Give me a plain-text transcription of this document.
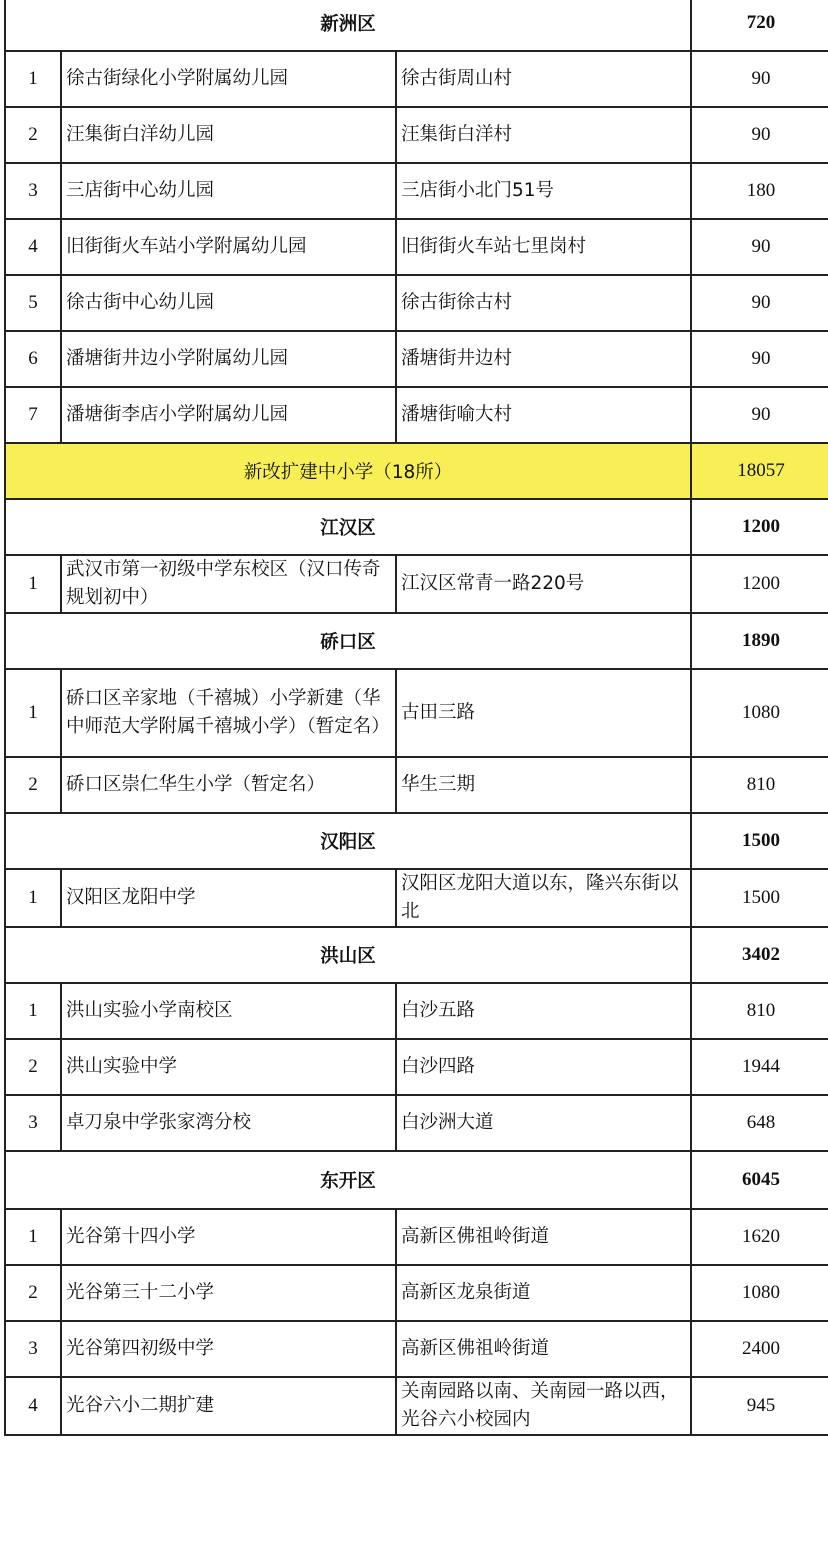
新洲区			720
1	徐古街绿化小学附属幼儿园	徐古街周山村	90
2	汪集街白洋幼儿园	汪集街白洋村	90
3	三店街中心幼儿园	三店街小北门51号	180
4	旧街街火车站小学附属幼儿园	旧街街火车站七里岗村	90
5	徐古街中心幼儿园	徐古街徐古村	90
6	潘塘街井边小学附属幼儿园	潘塘街井边村	90
7	潘塘街李店小学附属幼儿园	潘塘街喻大村	90
新改扩建中小学（18所）			18057
江汉区			1200
1	武汉市第一初级中学东校区（汉口传奇规划初中）	江汉区常青一路220号	1200
硚口区			1890
1	硚口区辛家地（千禧城）小学新建（华中师范大学附属千禧城小学）（暂定名）	古田三路	1080
2	硚口区崇仁华生小学（暂定名）	华生三期	810
汉阳区			1500
1	汉阳区龙阳中学	汉阳区龙阳大道以东，隆兴东街以北	1500
洪山区			3402
1	洪山实验小学南校区	白沙五路	810
2	洪山实验中学	白沙四路	1944
3	卓刀泉中学张家湾分校	白沙洲大道	648
东开区			6045
1	光谷第十四小学	高新区佛祖岭街道	1620
2	光谷第三十二小学	高新区龙泉街道	1080
3	光谷第四初级中学	高新区佛祖岭街道	2400
4	光谷六小二期扩建	关南园路以南、关南园一路以西，光谷六小校园内	945
